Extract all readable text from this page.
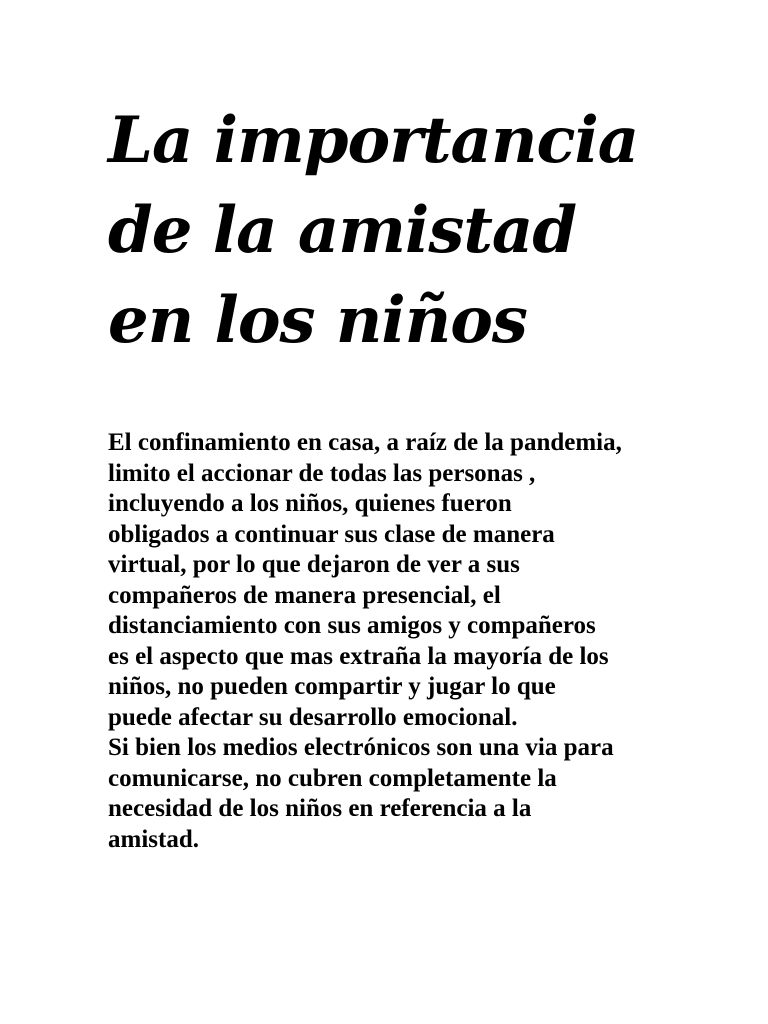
La importancia
de la amistad
en los niños
El confinamiento en casa, a raíz de la pandemia,
limito el accionar de todas las personas ,
incluyendo a los niños, quienes fueron
obligados a continuar sus clase de manera
virtual, por lo que dejaron de ver a sus
compañeros de manera presencial, el
distanciamiento con sus amigos y compañeros
es el aspecto que mas extraña la mayoría de los
niños, no pueden compartir y jugar lo que
puede afectar su desarrollo emocional.
Si bien los medios electrónicos son una via para
comunicarse, no cubren completamente la
necesidad de los niños en referencia a la
amistad.
